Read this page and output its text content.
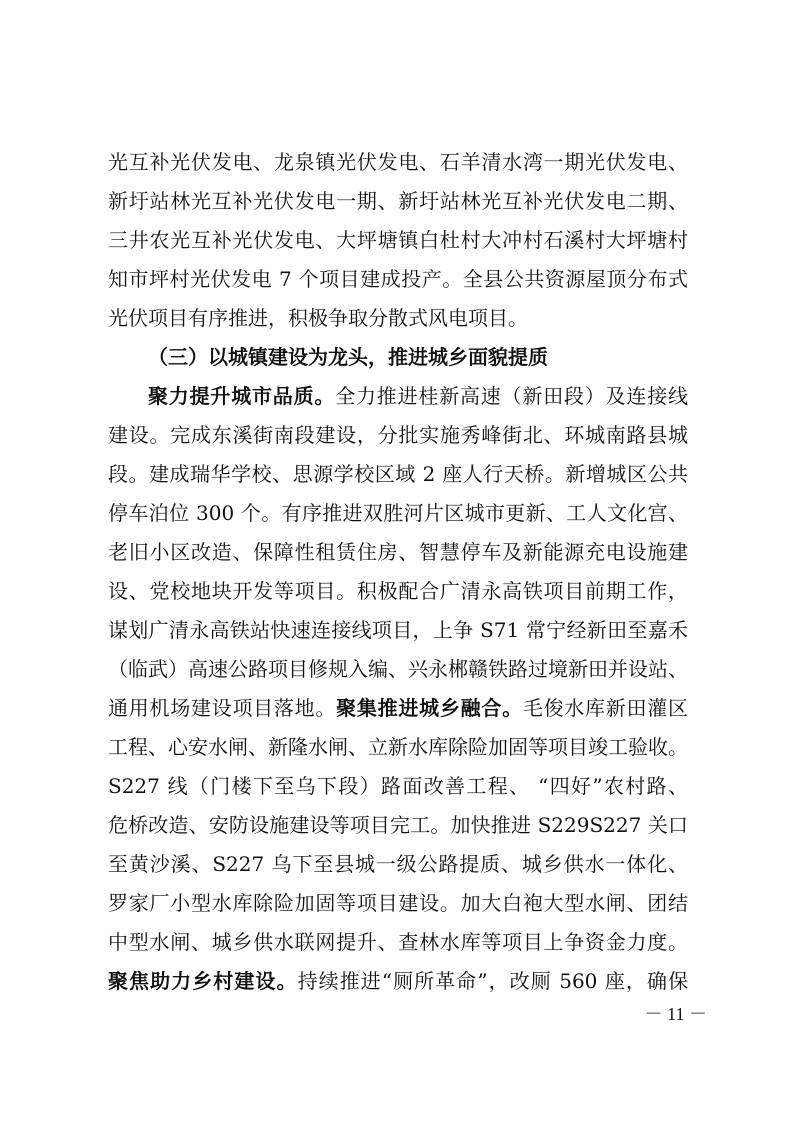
光互补光伏发电、龙泉镇光伏发电、石羊清水湾一期光伏发电、
新圩站林光互补光伏发电一期、新圩站林光互补光伏发电二期、
三井农光互补光伏发电、大坪塘镇白杜村大冲村石溪村大坪塘村
知市坪村光伏发电 7 个项目建成投产。全县公共资源屋顶分布式
光伏项目有序推进，积极争取分散式风电项目。
（三）以城镇建设为龙头，推进城乡面貌提质
聚力提升城市品质。全力推进桂新高速（新田段）及连接线
建设。完成东溪街南段建设，分批实施秀峰街北、环城南路县城
段。建成瑞华学校、思源学校区域 2 座人行天桥。新增城区公共
停车泊位 300 个。有序推进双胜河片区城市更新、工人文化宫、
老旧小区改造、保障性租赁住房、智慧停车及新能源充电设施建
设、党校地块开发等项目。积极配合广清永高铁项目前期工作，
谋划广清永高铁站快速连接线项目，上争 S71 常宁经新田至嘉禾
（临武）高速公路项目修规入编、兴永郴赣铁路过境新田并设站、
通用机场建设项目落地。聚集推进城乡融合。毛俊水库新田灌区
工程、心安水闸、新隆水闸、立新水库除险加固等项目竣工验收。
S227 线（门楼下至乌下段）路面改善工程、 “四好”农村路、
危桥改造、安防设施建设等项目完工。加快推进 S229S227 关口
至黄沙溪、S227 乌下至县城一级公路提质、城乡供水一体化、
罗家厂小型水库除险加固等项目建设。加大白袍大型水闸、团结
中型水闸、城乡供水联网提升、查林水库等项目上争资金力度。
聚焦助力乡村建设。持续推进“厕所革命”，改厕 560 座，确保
－ 11 －
